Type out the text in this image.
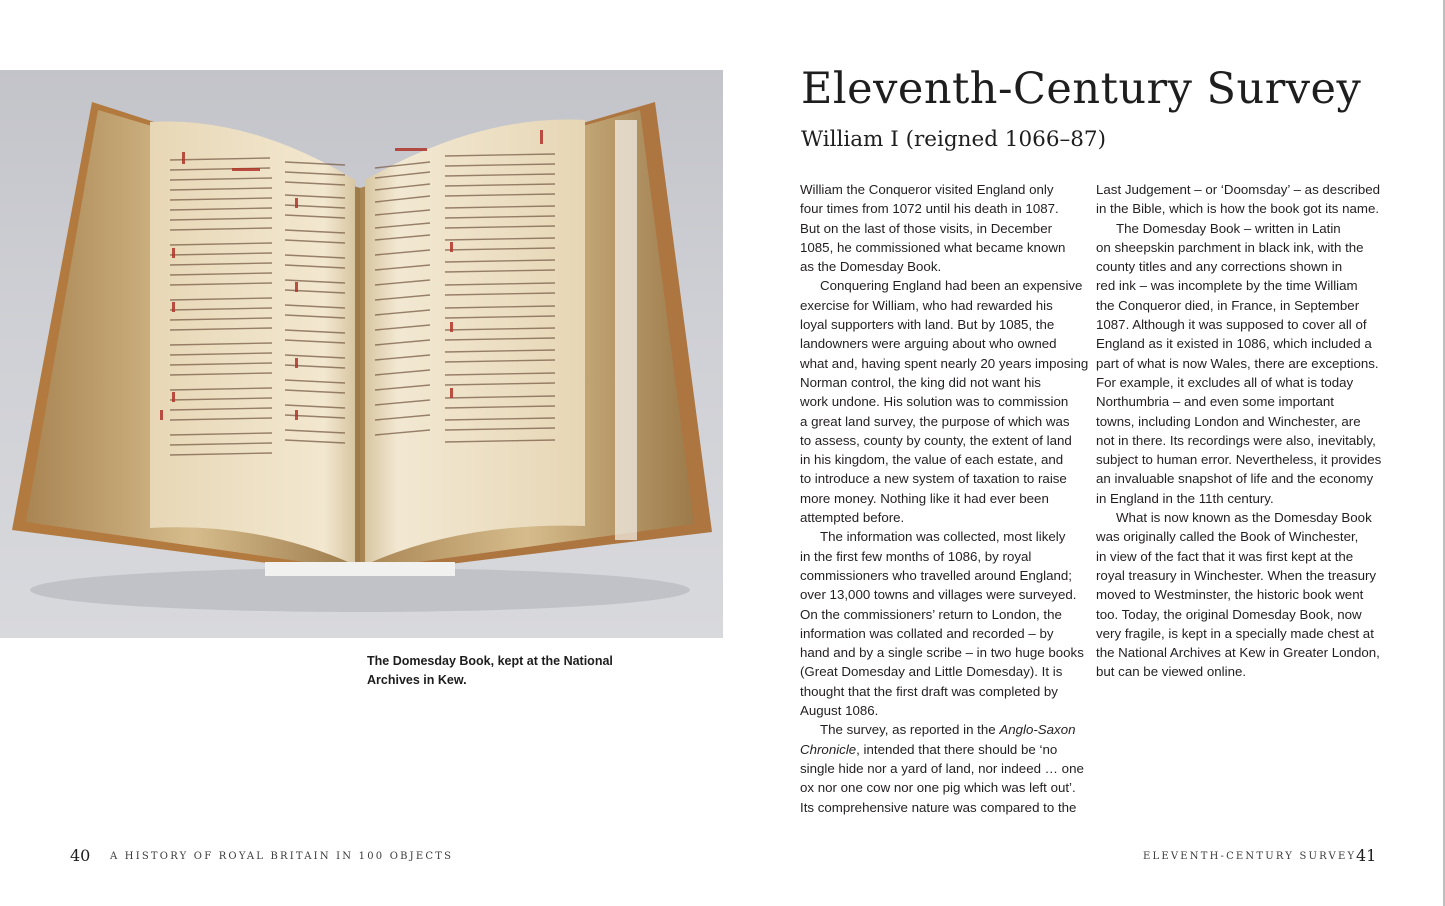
The Domesday Book, kept at the National
Archives in Kew.

Eleventh-Century Survey
William I (reigned 1066–87)
William the Conqueror visited England only
four times from 1072 until his death in 1087.
But on the last of those visits, in December
1085, he commissioned what became known
as the Domesday Book.
Conquering England had been an expensive
exercise for William, who had rewarded his
loyal supporters with land. But by 1085, the
landowners were arguing about who owned
what and, having spent nearly 20 years imposing
Norman control, the king did not want his
work undone. His solution was to commission
a great land survey, the purpose of which was
to assess, county by county, the extent of land
in his kingdom, the value of each estate, and
to introduce a new system of taxation to raise
more money. Nothing like it had ever been
attempted before.
The information was collected, most likely
in the first few months of 1086, by royal
commissioners who travelled around England;
over 13,000 towns and villages were surveyed.
On the commissioners’ return to London, the
information was collated and recorded – by
hand and by a single scribe – in two huge books
(Great Domesday and Little Domesday). It is
thought that the first draft was completed by
August 1086.
The survey, as reported in the Anglo-Saxon
Chronicle, intended that there should be ‘no
single hide nor a yard of land, nor indeed … one
ox nor one cow nor one pig which was left out’.
Its comprehensive nature was compared to the
Last Judgement – or ‘Doomsday’ – as described
in the Bible, which is how the book got its name.
The Domesday Book – written in Latin
on sheepskin parchment in black ink, with the
county titles and any corrections shown in
red ink – was incomplete by the time William
the Conqueror died, in France, in September
1087. Although it was supposed to cover all of
England as it existed in 1086, which included a
part of what is now Wales, there are exceptions.
For example, it excludes all of what is today
Northumbria – and even some important
towns, including London and Winchester, are
not in there. Its recordings were also, inevitably,
subject to human error. Nevertheless, it provides
an invaluable snapshot of life and the economy
in England in the 11th century.
What is now known as the Domesday Book
was originally called the Book of Winchester,
in view of the fact that it was first kept at the
royal treasury in Winchester. When the treasury
moved to Westminster, the historic book went
too. Today, the original Domesday Book, now
very fragile, is kept in a specially made chest at
the National Archives at Kew in Greater London,
but can be viewed online.
40 A HISTORY OF ROYAL BRITAIN IN 100 OBJECTS	ELEVENTH-CENTURY SURVEY 41
